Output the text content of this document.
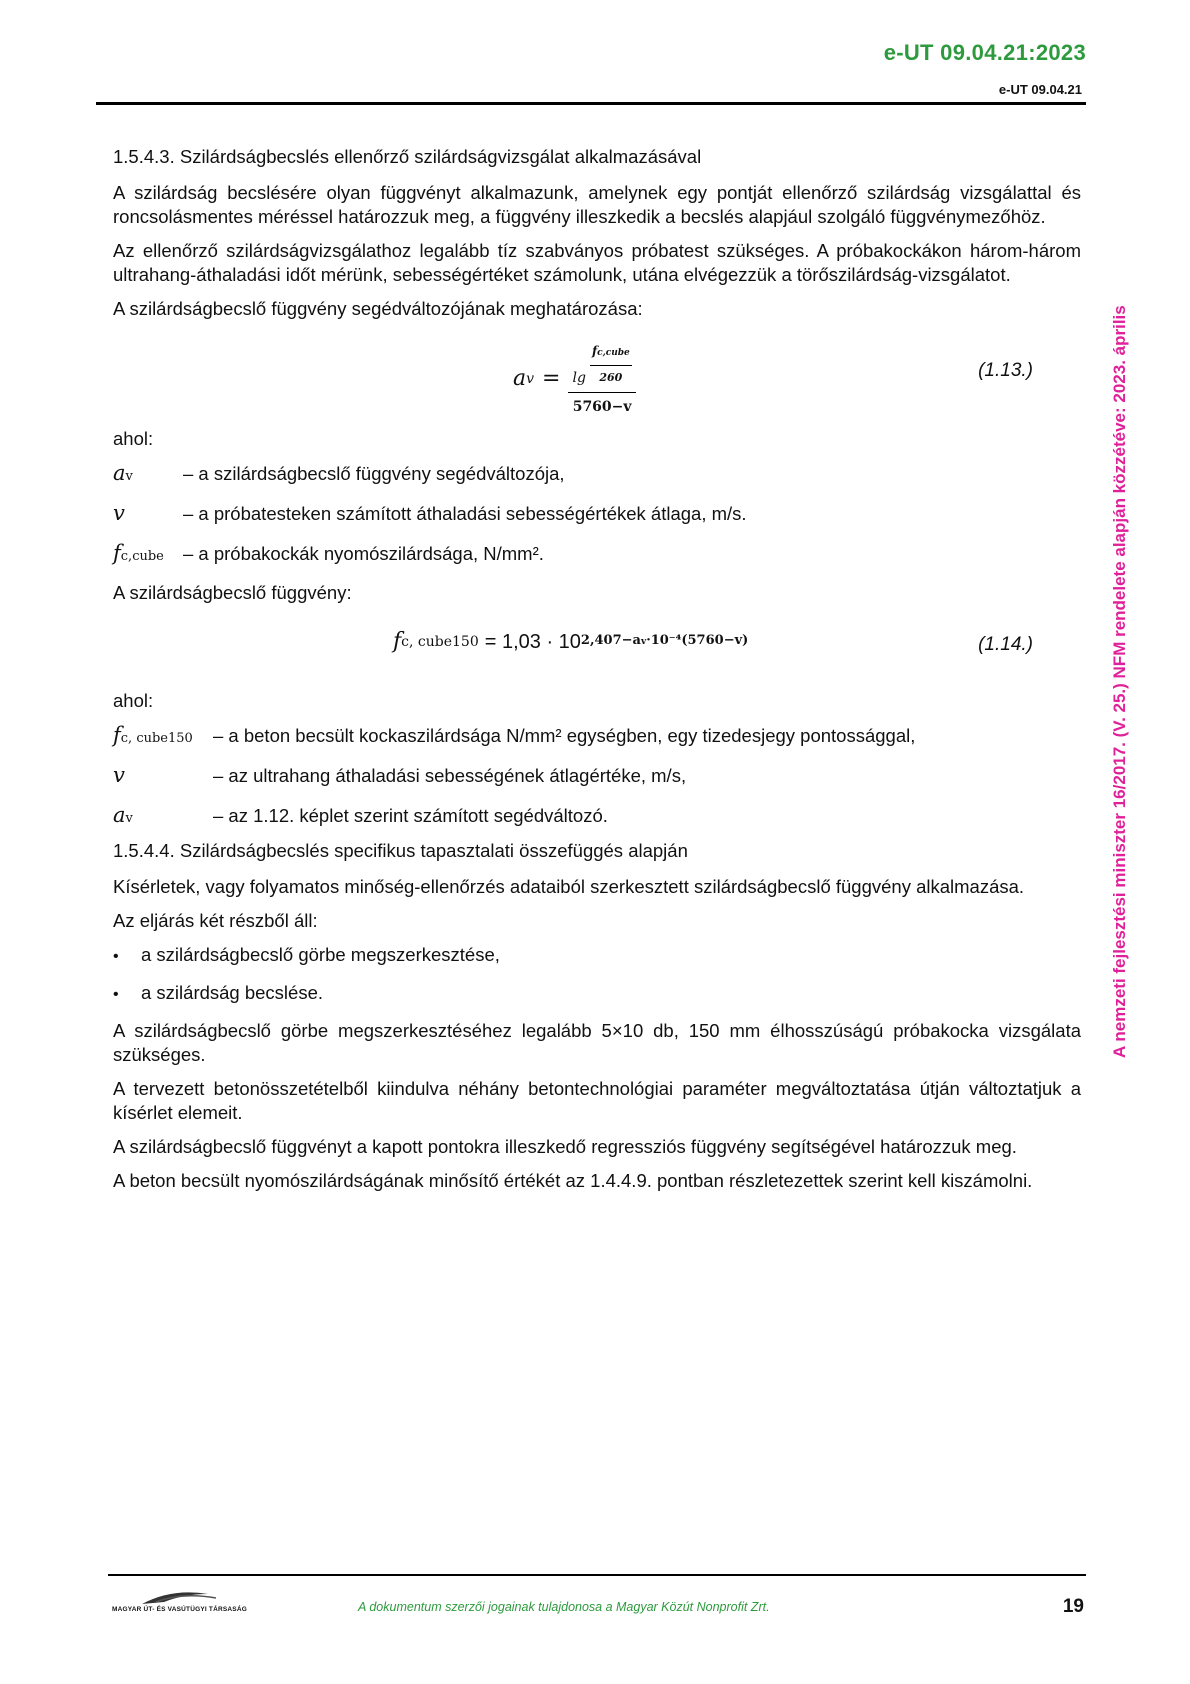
e-UT 09.04.21:2023
e-UT 09.04.21
1.5.4.3. Szilárdságbecslés ellenőrző szilárdságvizsgálat alkalmazásával

A szilárdság becslésére olyan függvényt alkalmazunk, amelynek egy pontját ellenőrző szilárdság vizsgálattal és roncsolásmentes méréssel határozzuk meg, a függvény illeszkedik a becslés alapjául szolgáló függvénymezőhöz.

Az ellenőrző szilárdságvizsgálathoz legalább tíz szabványos próbatest szükséges. A próbakockákon három-három ultrahang-áthaladási időt mérünk, sebességértéket számolunk, utána elvégezzük a törőszilárdság-vizsgálatot.

A szilárdságbecslő függvény segédváltozójának meghatározása:

a $v = \frac{\lg \frac{\text{fc,cube}}{260}}{5760-v}$	(1.13.)

ahol:

av	– a szilárdságbecslő függvény segédváltozója,
v	– a próbatesteken számított áthaladási sebességértékek átlaga, m/s.
fc,cube	– a próbakockák nyomószilárdsága, N/mm².

A szilárdságbecslő függvény:

f c, cube150 = 1,03 · 10 2,407−av·10⁻⁴(5760−v)	(1.14.)

ahol:

fc, cube150	– a beton becsült kockaszilárdsága N/mm² egységben, egy tizedesjegy pontossággal,
v	– az ultrahang áthaladási sebességének átlagértéke, m/s,
av	– az 1.12. képlet szerint számított segédváltozó.
1.5.4.4. Szilárdságbecslés specifikus tapasztalati összefüggés alapján

Kísérletek, vagy folyamatos minőség-ellenőrzés adataiból szerkesztett szilárdságbecslő függvény alkalmazása.

Az eljárás két részből áll:

•	a szilárdságbecslő görbe megszerkesztése,
•	a szilárdság becslése.

A szilárdságbecslő görbe megszerkesztéséhez legalább 5×10 db, 150 mm élhosszúságú próbakocka vizsgálata szükséges.

A tervezett betonösszetételből kiindulva néhány betontechnológiai paraméter megváltoztatása útján változtatjuk a kísérlet elemeit.

A szilárdságbecslő függvényt a kapott pontokra illeszkedő regressziós függvény segítségével határozzuk meg.

A beton becsült nyomószilárdságának minősítő értékét az 1.4.4.9. pontban részletezettek szerint kell kiszámolni.

A nemzeti fejlesztési miniszter 16/2017. (V. 25.) NFM rendelete alapján közzétéve: 2023. április
MAGYAR ÚT- ÉS VASÚTÜGYI TÁRSASÁG	A dokumentum szerzői jogainak tulajdonosa a Magyar Közút Nonprofit Zrt.	19
